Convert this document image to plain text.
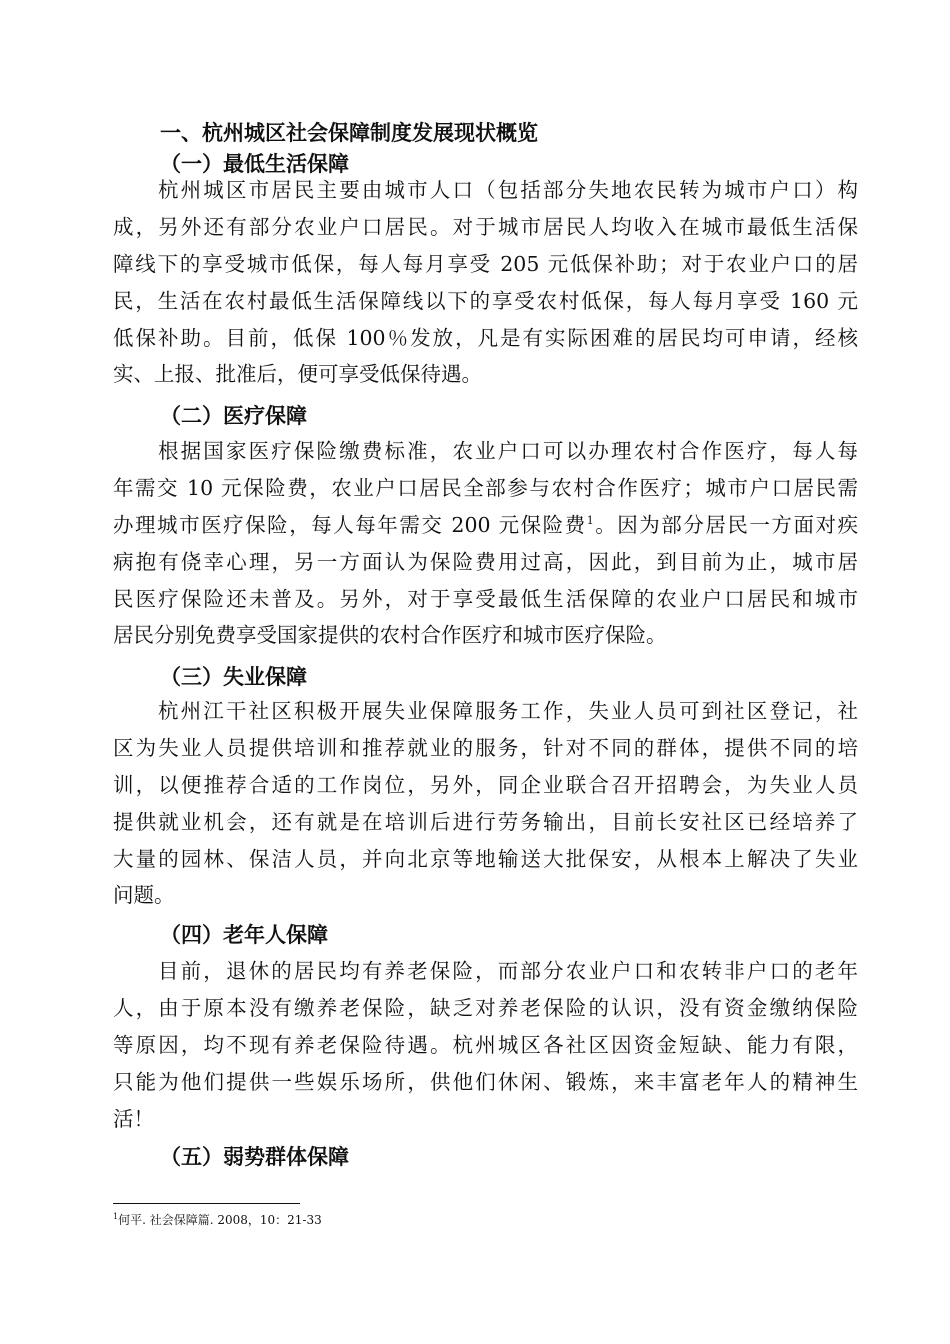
一、杭州城区社会保障制度发展现状概览
（一）最低生活保障
杭州城区市居民主要由城市人口（包括部分失地农民转为城市户口）构
成，另外还有部分农业户口居民。对于城市居民人均收入在城市最低生活保
障线下的享受城市低保，每人每月享受 205 元低保补助；对于农业户口的居
民，生活在农村最低生活保障线以下的享受农村低保，每人每月享受 160 元
低保补助。目前，低保 100％发放，凡是有实际困难的居民均可申请，经核
实、上报、批准后，便可享受低保待遇。
（二）医疗保障
根据国家医疗保险缴费标准，农业户口可以办理农村合作医疗，每人每
年需交 10 元保险费，农业户口居民全部参与农村合作医疗；城市户口居民需
办理城市医疗保险，每人每年需交 200 元保险费$^1$。因为部分居民一方面对疾
病抱有侥幸心理，另一方面认为保险费用过高，因此，到目前为止，城市居
民医疗保险还未普及。另外，对于享受最低生活保障的农业户口居民和城市
居民分别免费享受国家提供的农村合作医疗和城市医疗保险。
（三）失业保障
杭州江干社区积极开展失业保障服务工作，失业人员可到社区登记，社
区为失业人员提供培训和推荐就业的服务，针对不同的群体，提供不同的培
训，以便推荐合适的工作岗位，另外，同企业联合召开招聘会，为失业人员
提供就业机会，还有就是在培训后进行劳务输出，目前长安社区已经培养了
大量的园林、保洁人员，并向北京等地输送大批保安，从根本上解决了失业
问题。
（四）老年人保障
目前，退休的居民均有养老保险，而部分农业户口和农转非户口的老年
人，由于原本没有缴养老保险，缺乏对养老保险的认识，没有资金缴纳保险
等原因，均不现有养老保险待遇。杭州城区各社区因资金短缺、能力有限，
只能为他们提供一些娱乐场所，供他们休闲、锻炼，来丰富老年人的精神生
活！
（五）弱势群体保障
$^1$何平. 社会保障篇. 2008，10：21-33
